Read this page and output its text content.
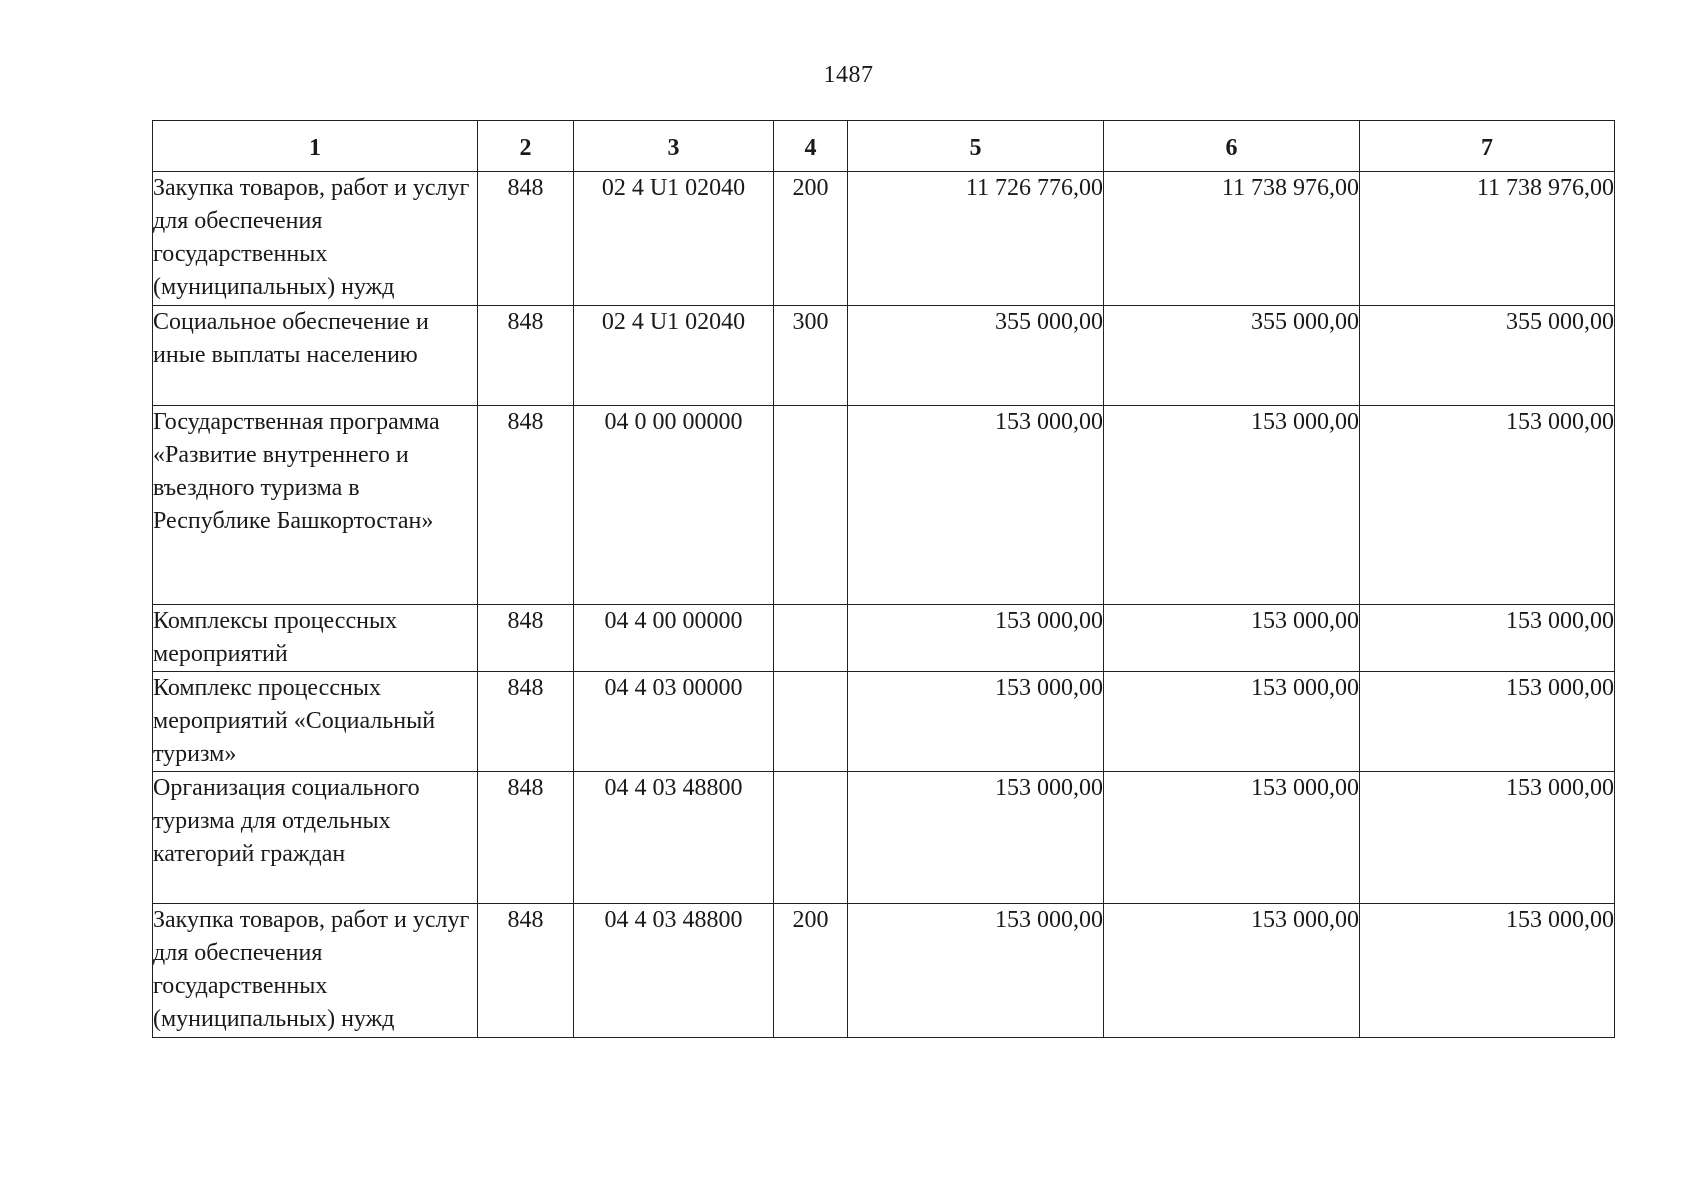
1487
1	2	3	4	5	6	7
Закупка товаров, работ и услуг для обеспечения государственных (муниципальных) нужд	848	02 4 U1 02040	200	11 726 776,00	11 738 976,00	11 738 976,00
Социальное обеспечение и иные выплаты населению	848	02 4 U1 02040	300	355 000,00	355 000,00	355 000,00
Государственная программа «Развитие внутреннего и въездного туризма в Республике Башкортостан»	848	04 0 00 00000		153 000,00	153 000,00	153 000,00
Комплексы процессных мероприятий	848	04 4 00 00000		153 000,00	153 000,00	153 000,00
Комплекс процессных мероприятий «Социальный туризм»	848	04 4 03 00000		153 000,00	153 000,00	153 000,00
Организация социального туризма для отдельных категорий граждан	848	04 4 03 48800		153 000,00	153 000,00	153 000,00
Закупка товаров, работ и услуг для обеспечения государственных (муниципальных) нужд	848	04 4 03 48800	200	153 000,00	153 000,00	153 000,00
